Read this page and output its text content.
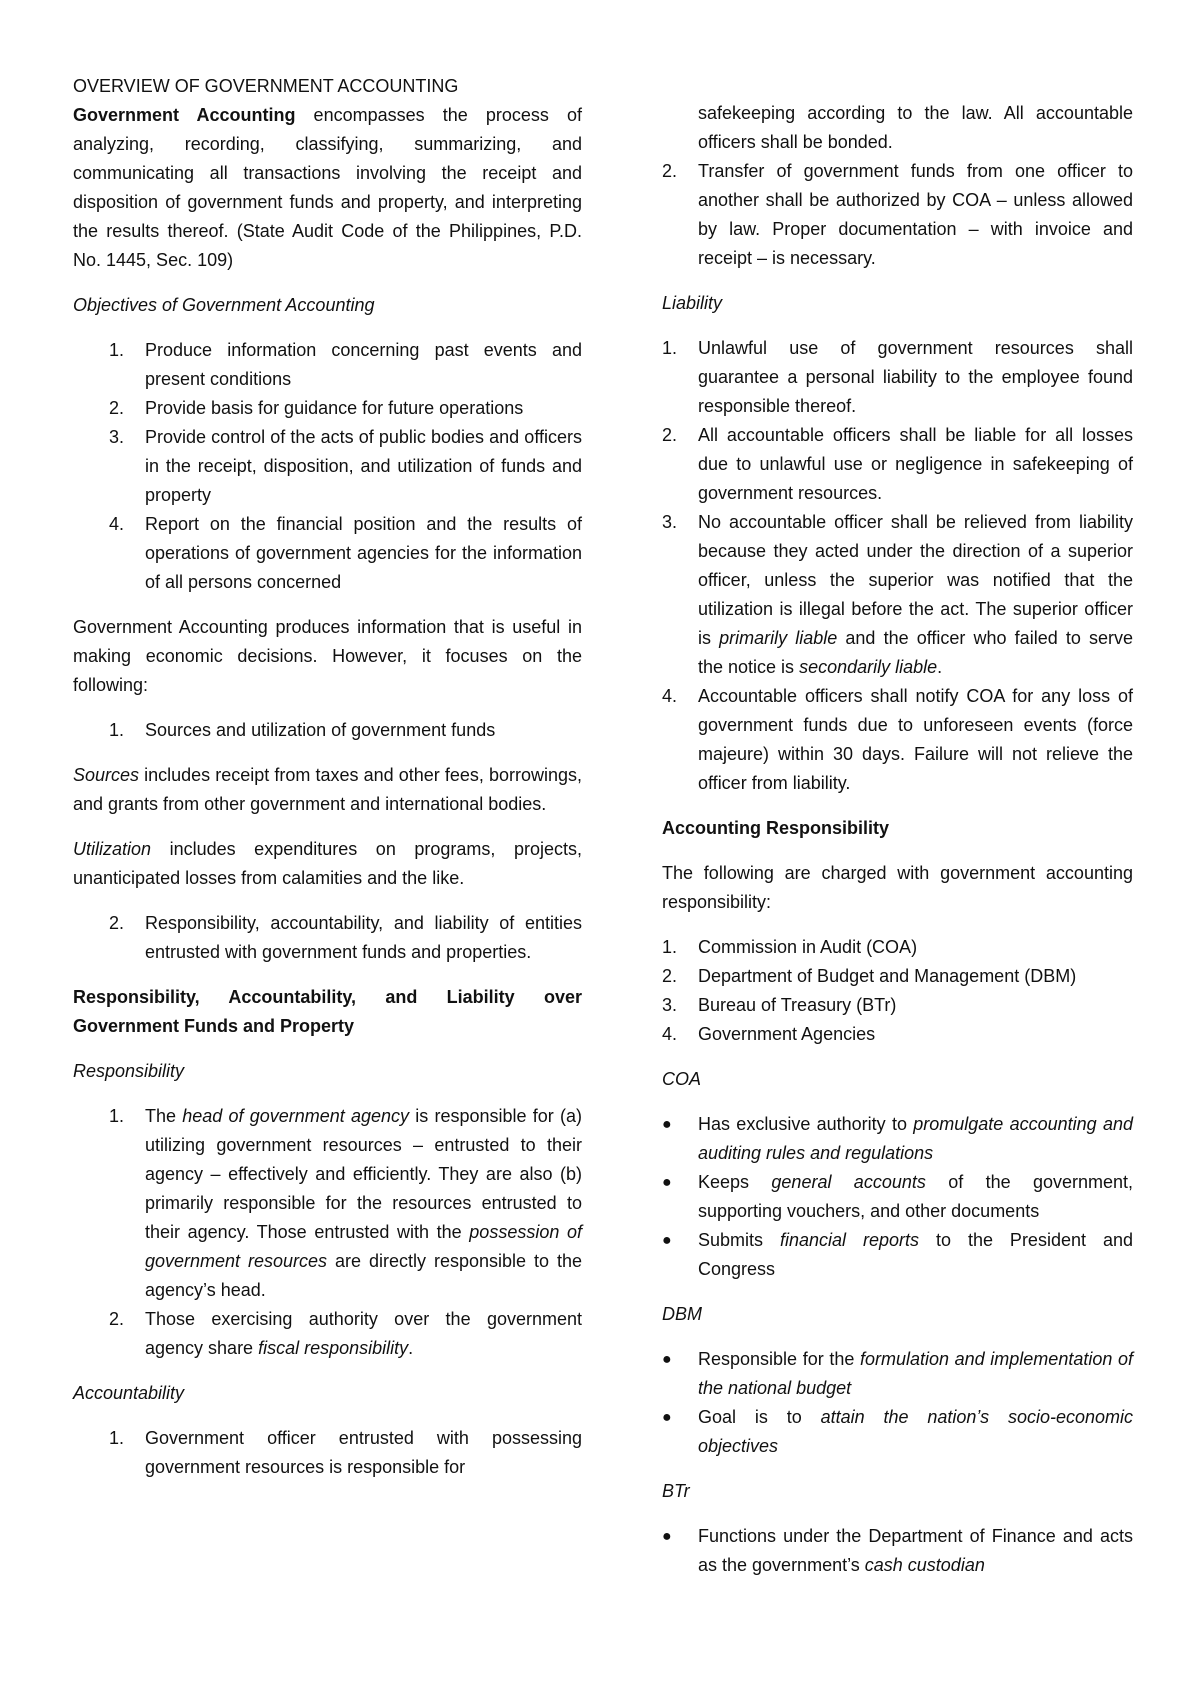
OVERVIEW OF GOVERNMENT ACCOUNTING

Government Accounting encompasses the process of analyzing, recording, classifying, summarizing, and communicating all transactions involving the receipt and disposition of government funds and property, and interpreting the results thereof. (State Audit Code of the Philippines, P.D. No. 1445, Sec. 109)

Objectives of Government Accounting

1. Produce information concerning past events and present conditions
2. Provide basis for guidance for future operations
3. Provide control of the acts of public bodies and officers in the receipt, disposition, and utilization of funds and property
4. Report on the financial position and the results of operations of government agencies for the information of all persons concerned

Government Accounting produces information that is useful in making economic decisions. However, it focuses on the following:

1. Sources and utilization of government funds

Sources includes receipt from taxes and other fees, borrowings, and grants from other government and international bodies.

Utilization includes expenditures on programs, projects, unanticipated losses from calamities and the like.

2. Responsibility, accountability, and liability of entities entrusted with government funds and properties.

Responsibility, Accountability, and Liability over Government Funds and Property

Responsibility

1. The head of government agency is responsible for (a) utilizing government resources – entrusted to their agency – effectively and efficiently. They are also (b) primarily responsible for the resources entrusted to their agency. Those entrusted with the possession of government resources are directly responsible to the agency’s head.
2. Those exercising authority over the government agency share fiscal responsibility.

Accountability

1. Government officer entrusted with possessing government resources is responsible for
safekeeping according to the law. All accountable officers shall be bonded.
2. Transfer of government funds from one officer to another shall be authorized by COA – unless allowed by law. Proper documentation – with invoice and receipt – is necessary.

Liability

1. Unlawful use of government resources shall guarantee a personal liability to the employee found responsible thereof.
2. All accountable officers shall be liable for all losses due to unlawful use or negligence in safekeeping of government resources.
3. No accountable officer shall be relieved from liability because they acted under the direction of a superior officer, unless the superior was notified that the utilization is illegal before the act. The superior officer is primarily liable and the officer who failed to serve the notice is secondarily liable.
4. Accountable officers shall notify COA for any loss of government funds due to unforeseen events (force majeure) within 30 days. Failure will not relieve the officer from liability.

Accounting Responsibility

The following are charged with government accounting responsibility:

1. Commission in Audit (COA)
2. Department of Budget and Management (DBM)
3. Bureau of Treasury (BTr)
4. Government Agencies

COA

● Has exclusive authority to promulgate accounting and auditing rules and regulations
● Keeps general accounts of the government, supporting vouchers, and other documents
● Submits financial reports to the President and Congress

DBM

● Responsible for the formulation and implementation of the national budget
● Goal is to attain the nation’s socio-economic objectives

BTr

● Functions under the Department of Finance and acts as the government’s cash custodian
